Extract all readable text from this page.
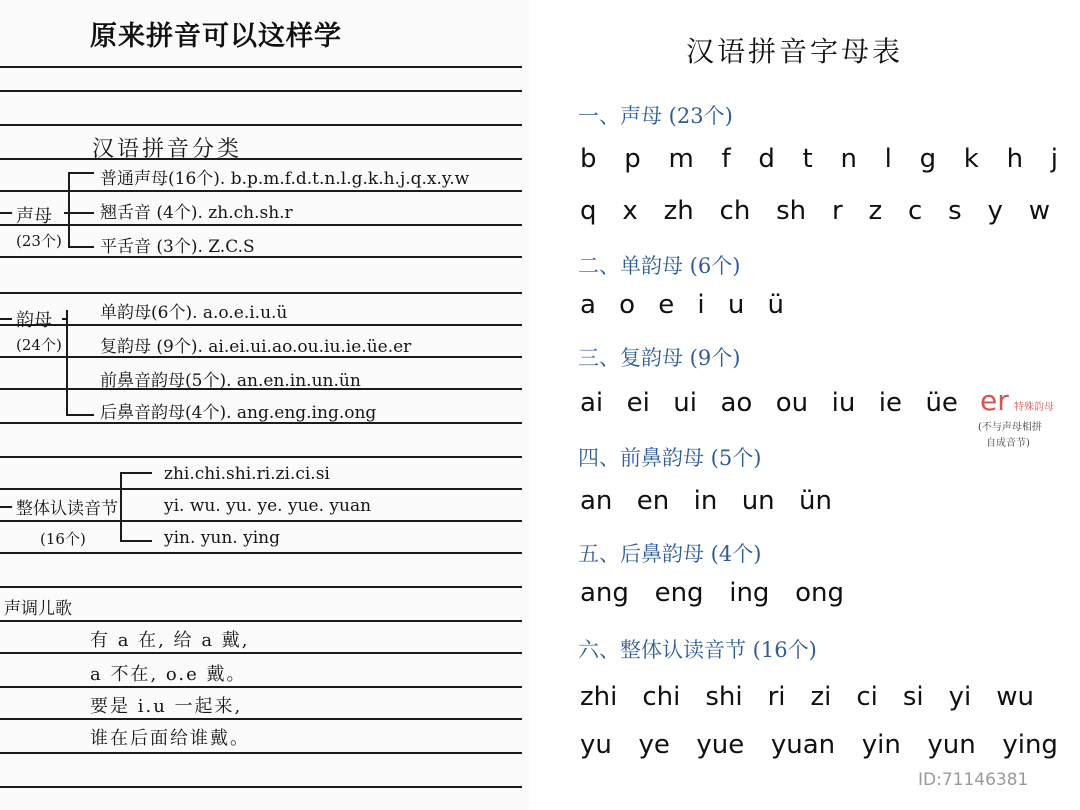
原来拼音可以这样学
汉语拼音分类
声母
(23个)
普通声母(16个). b.p.m.f.d.t.n.l.g.k.h.j.q.x.y.w
翘舌音 (4个). zh.ch.sh.r
平舌音 (3个). Z.C.S
韵母
(24个)
单韵母(6个). a.o.e.i.u.ü
复韵母 (9个). ai.ei.ui.ao.ou.iu.ie.üe.er
前鼻音韵母(5个). an.en.in.un.ün
后鼻音韵母(4个). ang.eng.ing.ong
整体认读音节
(16个)
zhi.chi.shi.ri.zi.ci.si
yi. wu. yu. ye. yue. yuan
yin. yun. ying
声调儿歌
有 a 在, 给 a 戴,
a 不在, o.e 戴。
要是 i.u 一起来,
谁在后面给谁戴。
汉语拼音字母表
一、声母 (23个)
b p m f d t n l g k h j
q x zh ch sh r z c s y w
二、单韵母 (6个)
a o e i u ü
三、复韵母 (9个)
ai ei ui ao ou iu ie üe er 特殊韵母
(不与声母相拼
自成音节)
四、前鼻韵母 (5个)
an en in un ün
五、后鼻韵母 (4个)
ang eng ing ong
六、整体认读音节 (16个)
zhi chi shi ri zi ci si yi wu
yu ye yue yuan yin yun ying
ID:71146381
